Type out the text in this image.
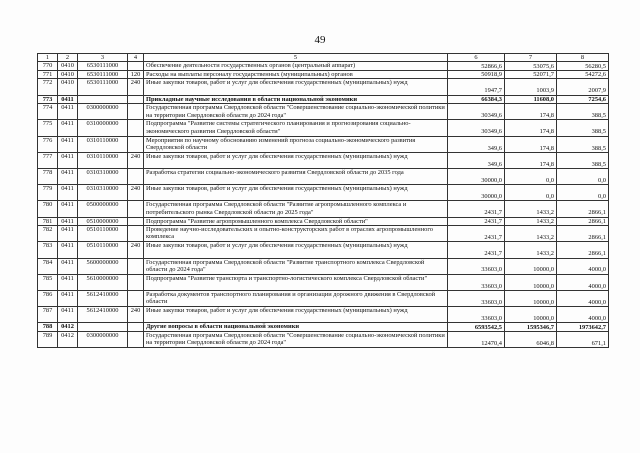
49
1	2	3	4	5	6	7	8
770	0410	6530111000		Обеспечение деятельности государственных органов (центральный аппарат)	52866,6	53075,6	56280,5
771	0410	6530111000	120	Расходы на выплаты персоналу государственных (муниципальных) органов	50918,9	52071,7	54272,6
772	0410	6530111000	240	Иные закупки товаров, работ и услуг для обеспечения государственных (муниципальных) нужд	1947,7	1003,9	2007,9
773	0411			Прикладные научные исследования в области национальной экономики	66384,3	11608,0	7254,6
774	0411	0300000000		Государственная программа Свердловской области "Совершенствование социально-экономической политики на территории Свердловской области до 2024 года"	30349,6	174,8	388,5
775	0411	0310000000		Подпрограмма "Развитие системы стратегического планирования и прогнозирования социально-экономического развития Свердловской области"	30349,6	174,8	388,5
776	0411	0310110000		Мероприятия по научному обоснованию изменений прогноза социально-экономического развития Свердловской области	349,6	174,8	388,5
777	0411	0310110000	240	Иные закупки товаров, работ и услуг для обеспечения государственных (муниципальных) нужд	349,6	174,8	388,5
778	0411	0310310000		Разработка стратегии социально-экономического развития Свердловской области до 2035 года	30000,0	0,0	0,0
779	0411	0310310000	240	Иные закупки товаров, работ и услуг для обеспечения государственных (муниципальных) нужд	30000,0	0,0	0,0
780	0411	0500000000		Государственная программа Свердловской области "Развитие агропромышленного комплекса и потребительского рынка Свердловской области до 2025 года"	2431,7	1433,2	2866,1
781	0411	0510000000		Подпрограмма "Развитие агропромышленного комплекса Свердловской области"	2431,7	1433,2	2866,1
782	0411	0510110000		Проведение научно-исследовательских и опытно-конструкторских работ в отраслях агропромышленного комплекса	2431,7	1433,2	2866,1
783	0411	0510110000	240	Иные закупки товаров, работ и услуг для обеспечения государственных (муниципальных) нужд	2431,7	1433,2	2866,1
784	0411	5600000000		Государственная программа Свердловской области "Развитие транспортного комплекса Свердловской области до 2024 года"	33603,0	10000,0	4000,0
785	0411	5610000000		Подпрограмма "Развитие транспорта и транспортно-логистического комплекса Свердловской области"	33603,0	10000,0	4000,0
786	0411	5612410000		Разработка документов транспортного планирования и организации дорожного движения в Свердловской области	33603,0	10000,0	4000,0
787	0411	5612410000	240	Иные закупки товаров, работ и услуг для обеспечения государственных (муниципальных) нужд	33603,0	10000,0	4000,0
788	0412			Другие вопросы в области национальной экономики	6593542,5	1595346,7	1973642,7
789	0412	0300000000		Государственная программа Свердловской области "Совершенствование социально-экономической политики на территории Свердловской области до 2024 года"	12470,4	6046,8	671,1
